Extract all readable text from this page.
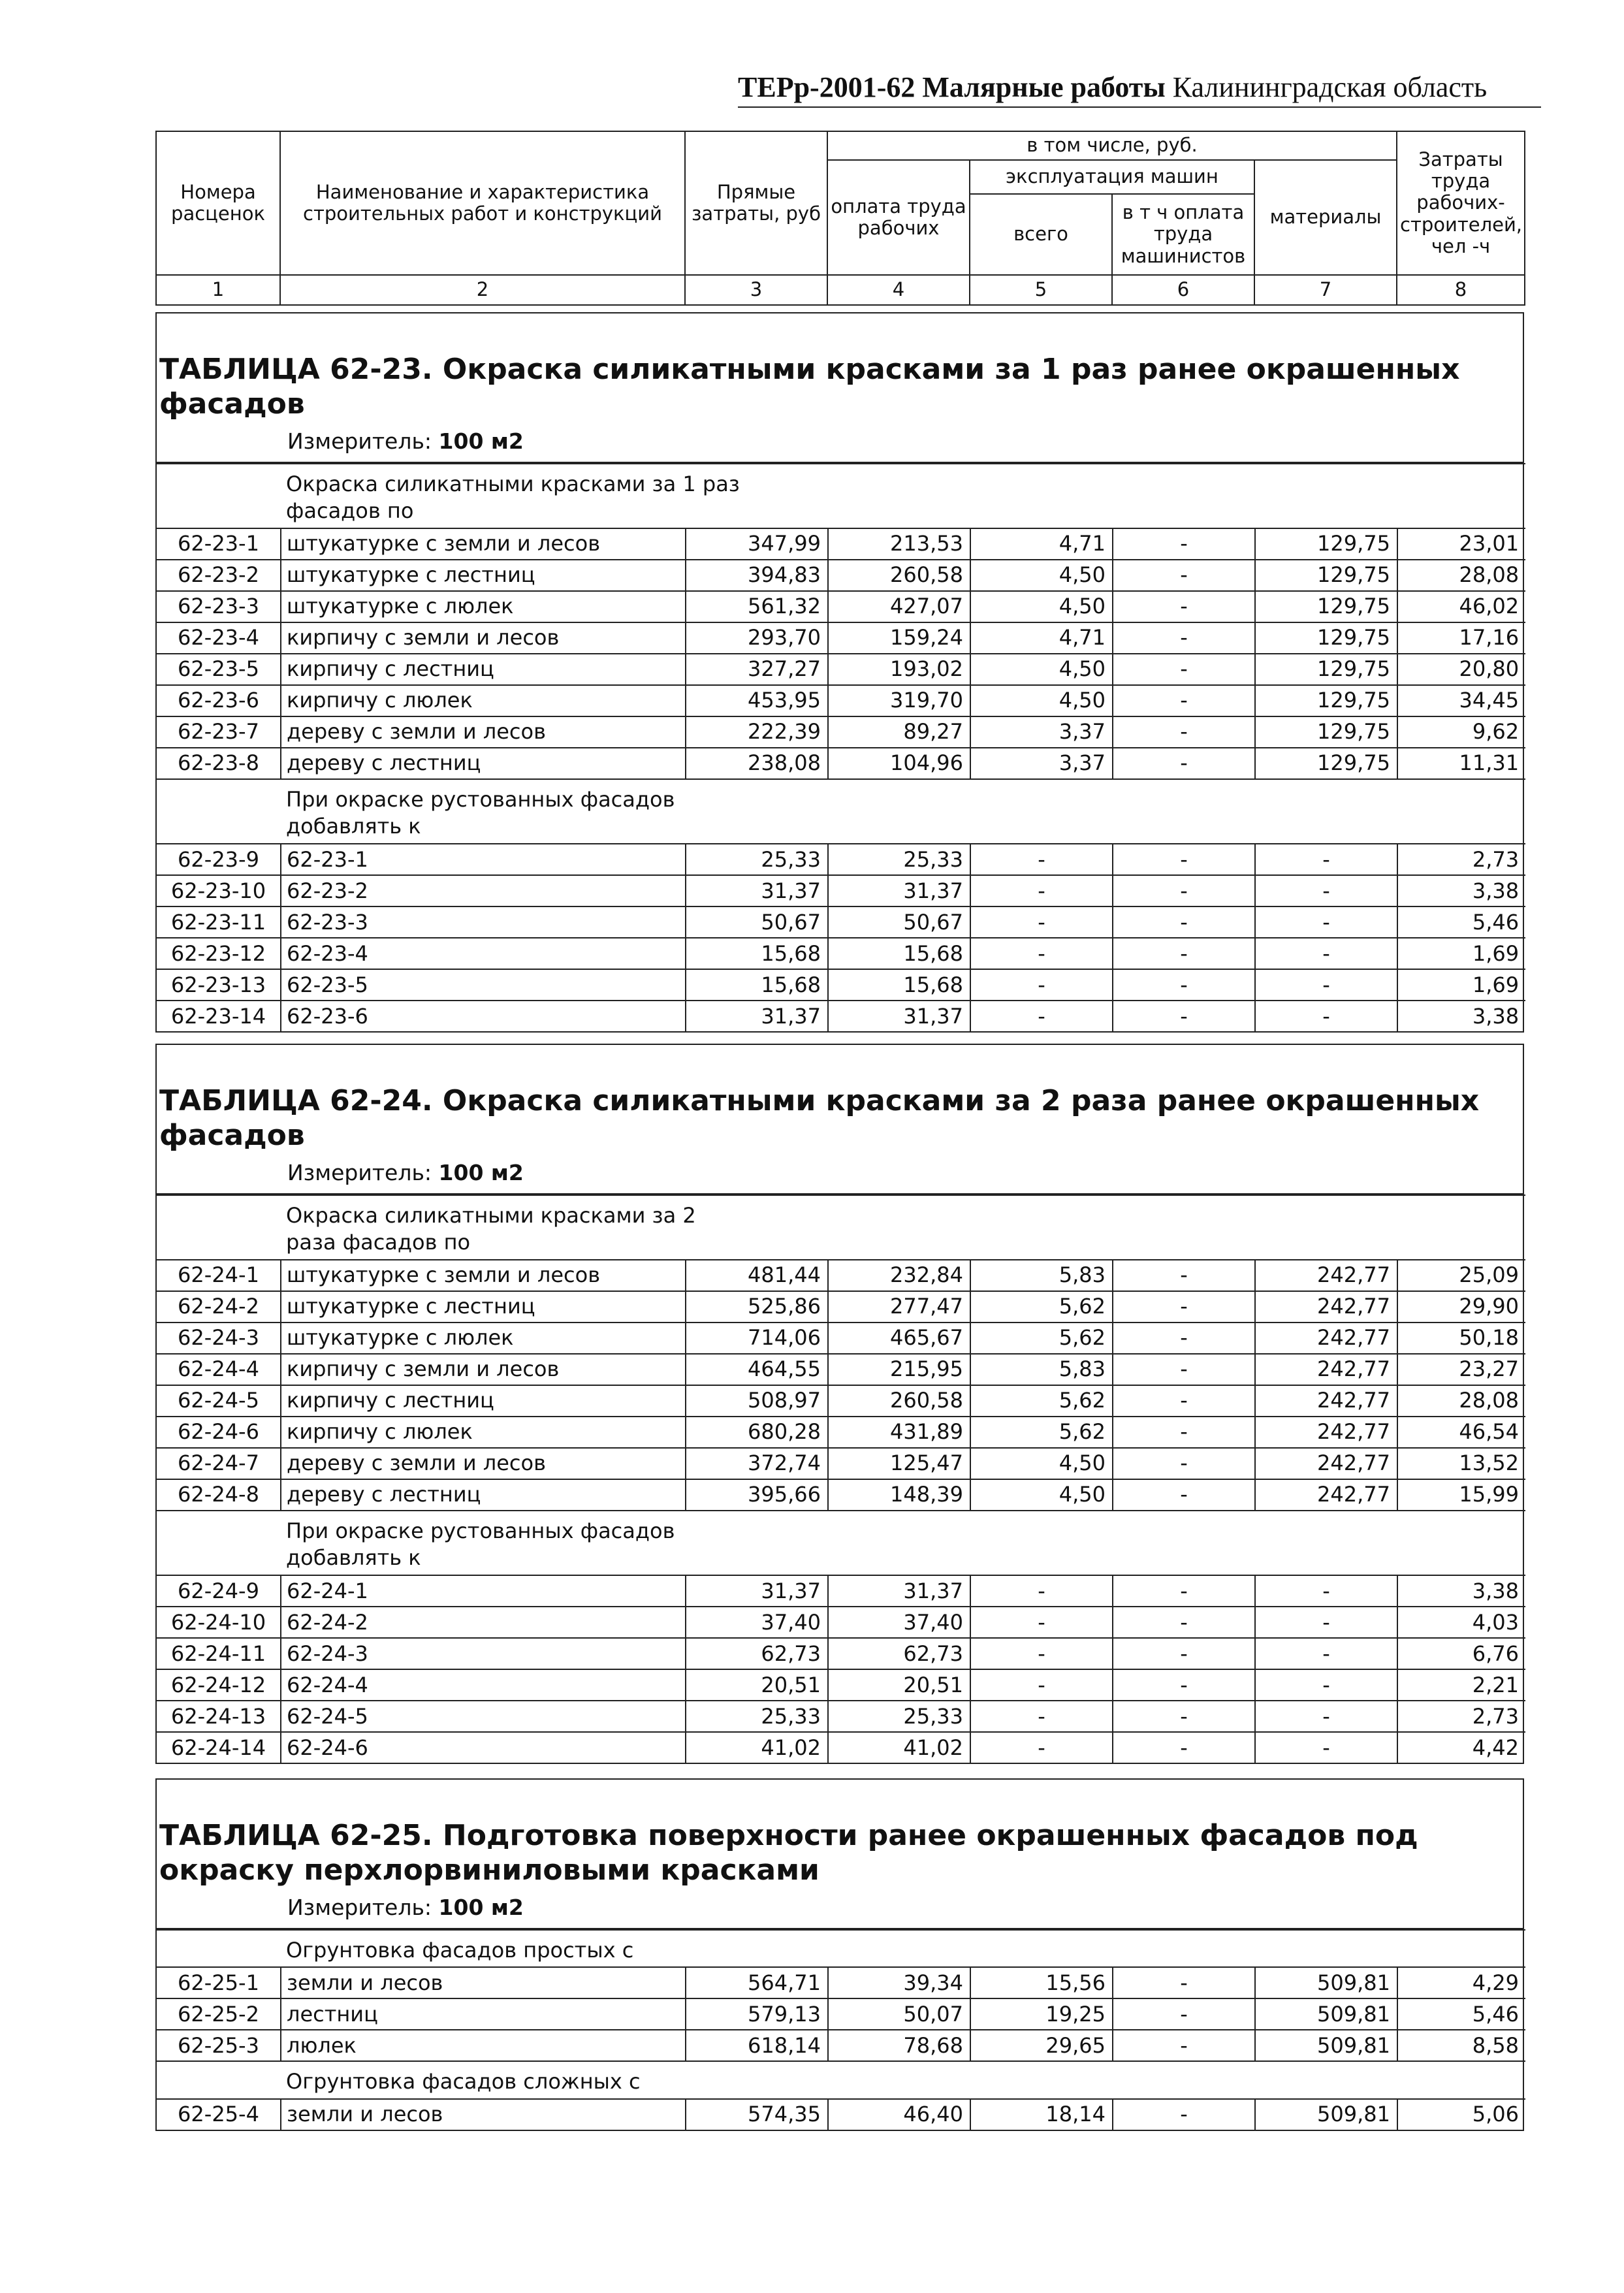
ТЕРр-2001-62 Малярные работы Калининградская область
Номера расценок	Наименование и характеристика строительных работ и конструкций	Прямые затраты, руб	в том числе, руб.				Затраты труда рабочих-строителей, чел -ч
			оплата труда рабочих	эксплуатация машин		материалы	
				всего	в т ч оплата труда машинистов		
1	2	3	4	5	6	7	8
ТАБЛИЦА 62-23. Окраска силикатными красками за 1 раз ранее окрашенных фасадов
Измеритель: 100 м2
	Окраска силикатными красками за 1 раз фасадов по						
62-23-1	штукатурке с земли и лесов	347,99	213,53	4,71	-	129,75	23,01
62-23-2	штукатурке с лестниц	394,83	260,58	4,50	-	129,75	28,08
62-23-3	штукатурке с люлек	561,32	427,07	4,50	-	129,75	46,02
62-23-4	кирпичу с земли и лесов	293,70	159,24	4,71	-	129,75	17,16
62-23-5	кирпичу с лестниц	327,27	193,02	4,50	-	129,75	20,80
62-23-6	кирпичу с люлек	453,95	319,70	4,50	-	129,75	34,45
62-23-7	дереву с земли и лесов	222,39	89,27	3,37	-	129,75	9,62
62-23-8	дереву с лестниц	238,08	104,96	3,37	-	129,75	11,31
	При окраске рустованных фасадов добавлять к						
62-23-9	62-23-1	25,33	25,33	-	-	-	2,73
62-23-10	62-23-2	31,37	31,37	-	-	-	3,38
62-23-11	62-23-3	50,67	50,67	-	-	-	5,46
62-23-12	62-23-4	15,68	15,68	-	-	-	1,69
62-23-13	62-23-5	15,68	15,68	-	-	-	1,69
62-23-14	62-23-6	31,37	31,37	-	-	-	3,38
ТАБЛИЦА 62-24. Окраска силикатными красками за 2 раза ранее окрашенных фасадов
Измеритель: 100 м2
	Окраска силикатными красками за 2 раза фасадов по						
62-24-1	штукатурке с земли и лесов	481,44	232,84	5,83	-	242,77	25,09
62-24-2	штукатурке с лестниц	525,86	277,47	5,62	-	242,77	29,90
62-24-3	штукатурке с люлек	714,06	465,67	5,62	-	242,77	50,18
62-24-4	кирпичу с земли и лесов	464,55	215,95	5,83	-	242,77	23,27
62-24-5	кирпичу с лестниц	508,97	260,58	5,62	-	242,77	28,08
62-24-6	кирпичу с люлек	680,28	431,89	5,62	-	242,77	46,54
62-24-7	дереву с земли и лесов	372,74	125,47	4,50	-	242,77	13,52
62-24-8	дереву с лестниц	395,66	148,39	4,50	-	242,77	15,99
	При окраске рустованных фасадов добавлять к						
62-24-9	62-24-1	31,37	31,37	-	-	-	3,38
62-24-10	62-24-2	37,40	37,40	-	-	-	4,03
62-24-11	62-24-3	62,73	62,73	-	-	-	6,76
62-24-12	62-24-4	20,51	20,51	-	-	-	2,21
62-24-13	62-24-5	25,33	25,33	-	-	-	2,73
62-24-14	62-24-6	41,02	41,02	-	-	-	4,42
ТАБЛИЦА 62-25. Подготовка поверхности ранее окрашенных фасадов под окраску перхлорвиниловыми красками
Измеритель: 100 м2
	Огрунтовка фасадов простых с						
62-25-1	земли и лесов	564,71	39,34	15,56	-	509,81	4,29
62-25-2	лестниц	579,13	50,07	19,25	-	509,81	5,46
62-25-3	люлек	618,14	78,68	29,65	-	509,81	8,58
	Огрунтовка фасадов сложных с						
62-25-4	земли и лесов	574,35	46,40	18,14	-	509,81	5,06
